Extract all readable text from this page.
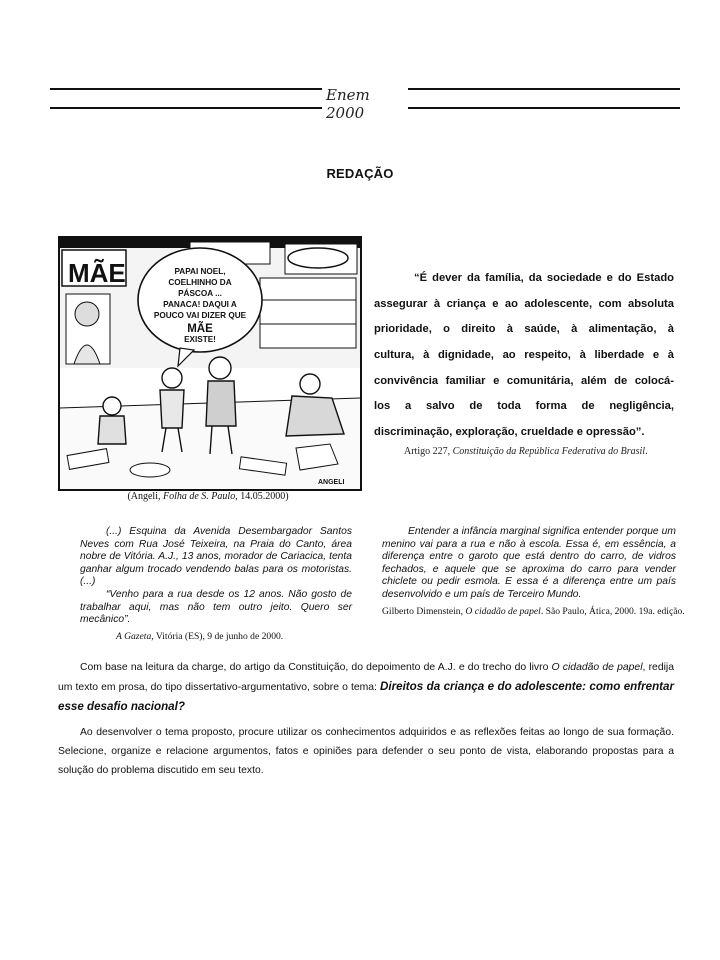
Enem 2000
REDAÇÃO
MÃE	PAPAI NOEL,
COELHINHO DA
PÁSCOA ...
PANACA! DAQUI A
POUCO VAI DIZER QUE
MÃE
EXISTE!
ANGELI
(Angeli, Folha de S. Paulo, 14.05.2000)
“É dever da família, da sociedade e do Estado
assegurar à criança e ao adolescente, com absoluta
prioridade, o direito à saúde, à alimentação, à
cultura, à dignidade, ao respeito, à liberdade e à
convivência familiar e comunitária, além de colocá-
los a salvo de toda forma de negligência,
discriminação, exploração, crueldade e opressão”.
Artigo 227, Constituição da República Federativa do Brasil.

(...) Esquina da Avenida Desembargador Santos Neves com Rua José Teixeira, na Praia do Canto, área nobre de Vitória. A.J., 13 anos, morador de Cariacica, tenta ganhar algum trocado vendendo balas para os motoristas. (...)

“Venho para a rua desde os 12 anos. Não gosto de trabalhar aqui, mas não tem outro jeito. Quero ser mecânico”.

A Gazeta, Vitória (ES), 9 de junho de 2000.

Entender a infância marginal significa entender porque um menino vai para a rua e não à escola. Essa é, em essência, a diferença entre o garoto que está dentro do carro, de vidros fechados, e aquele que se aproxima do carro para vender chiclete ou pedir esmola. E essa é a diferença entre um país desenvolvido e um país de Terceiro Mundo.

Gilberto Dimenstein, O cidadão de papel. São Paulo, Ática, 2000. 19a. edição.

Com base na leitura da charge, do artigo da Constituição, do depoimento de A.J. e do trecho do livro O cidadão de papel, redija um texto em prosa, do tipo dissertativo-argumentativo, sobre o tema: Direitos da criança e do adolescente: como enfrentar esse desafio nacional?

Ao desenvolver o tema proposto, procure utilizar os conhecimentos adquiridos e as reflexões feitas ao longo de sua formação. Selecione, organize e relacione argumentos, fatos e opiniões para defender o seu ponto de vista, elaborando propostas para a solução do problema discutido em seu texto.
